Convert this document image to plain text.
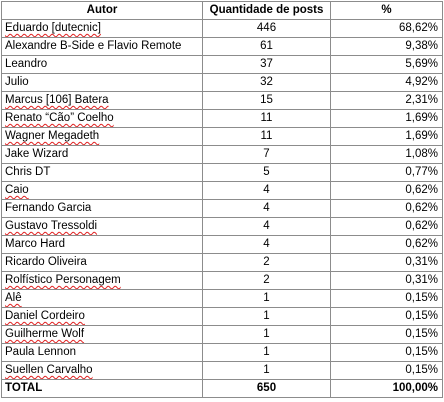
Autor	Quantidade de posts	%
Eduardo [dutecnic]	446	68,62%
Alexandre B-Side e Flavio Remote	61	9,38%
Leandro	37	5,69%
Julio	32	4,92%
Marcus [106] Batera	15	2,31%
Renato “Cão” Coelho	11	1,69%
Wagner Megadeth	11	1,69%
Jake Wizard	7	1,08%
Chris DT	5	0,77%
Caio	4	0,62%
Fernando Garcia	4	0,62%
Gustavo Tressoldi	4	0,62%
Marco Hard	4	0,62%
Ricardo Oliveira	2	0,31%
Rolfístico Personagem	2	0,31%
Alê	1	0,15%
Daniel Cordeiro	1	0,15%
Guilherme Wolf	1	0,15%
Paula Lennon	1	0,15%
Suellen Carvalho	1	0,15%
TOTAL	650	100,00%
